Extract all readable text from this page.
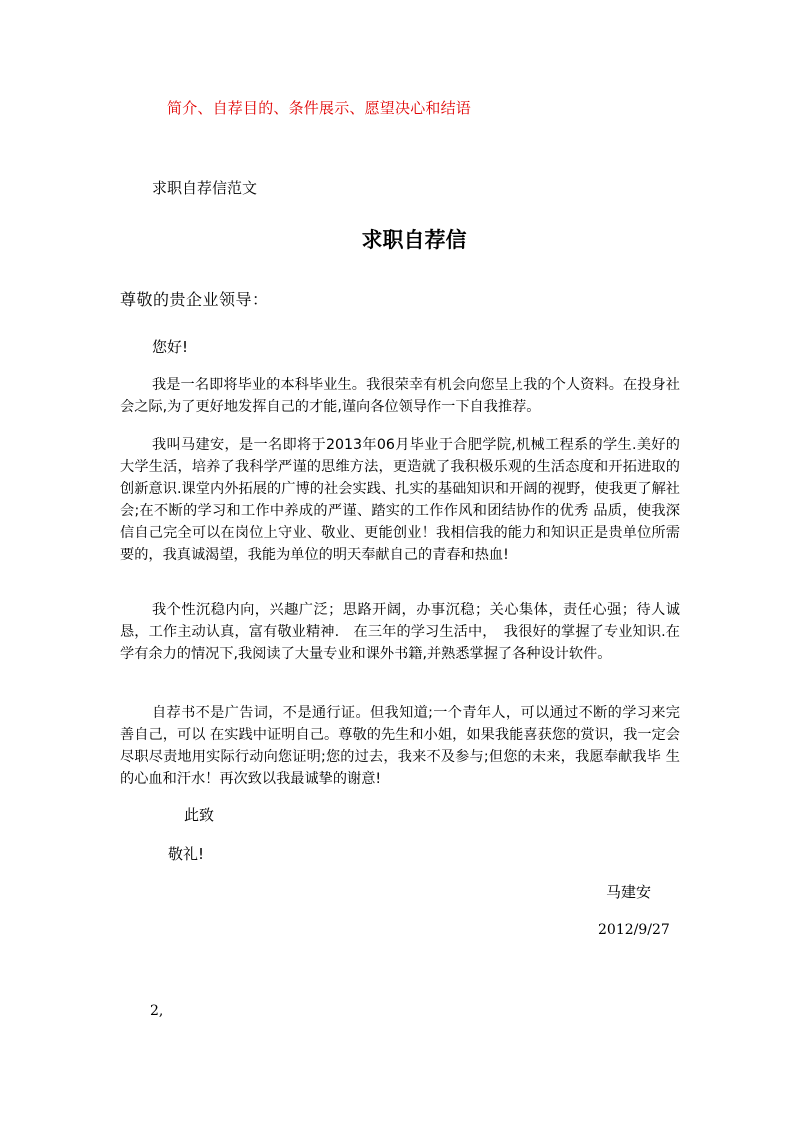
简介、自荐目的、条件展示、愿望决心和结语
求职自荐信范文
求职自荐信
尊敬的贵企业领导：
您好!
我是一名即将毕业的本科毕业生。我很荣幸有机会向您呈上我的个人资料。在投身社会之际,为了更好地发挥自己的才能,谨向各位领导作一下自我推荐。
我叫马建安，是一名即将于2013年06月毕业于合肥学院,机械工程系的学生.美好的大学生活，培养了我科学严谨的思维方法，更造就了我积极乐观的生活态度和开拓进取的创新意识.课堂内外拓展的广博的社会实践、扎实的基础知识和开阔的视野，使我更了解社会;在不断的学习和工作中养成的严谨、踏实的工作作风和团结协作的优秀 品质，使我深信自己完全可以在岗位上守业、敬业、更能创业！我相信我的能力和知识正是贵单位所需要的，我真诚渴望，我能为单位的明天奉献自己的青春和热血!
我个性沉稳内向，兴趣广泛；思路开阔，办事沉稳；关心集体，责任心强；待人诚恳，工作主动认真，富有敬业精神.　在三年的学习生活中，　我很好的掌握了专业知识.在学有余力的情况下,我阅读了大量专业和课外书籍,并熟悉掌握了各种设计软件。
自荐书不是广告词，不是通行证。但我知道;一个青年人，可以通过不断的学习来完善自己，可以 在实践中证明自己。尊敬的先生和小姐，如果我能喜获您的赏识，我一定会尽职尽责地用实际行动向您证明;您的过去，我来不及参与;但您的未来，我愿奉献我毕 生的心血和汗水！再次致以我最诚挚的谢意!
此致
敬礼!
马建安
2012/9/27
2,
